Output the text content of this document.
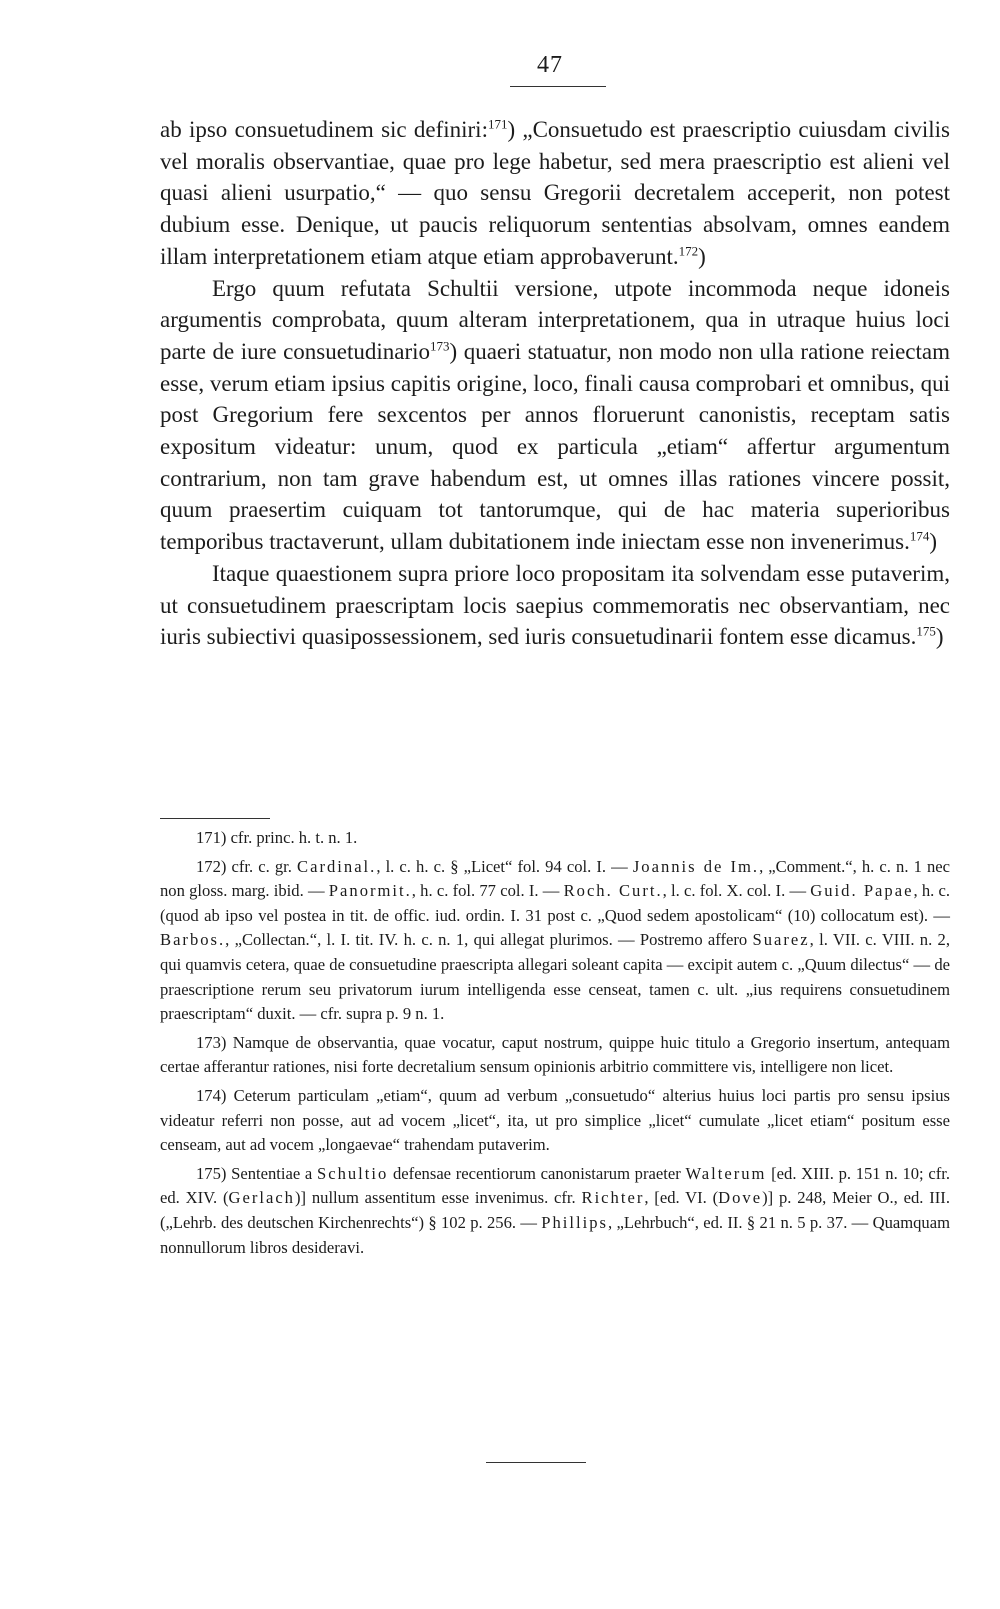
47

ab ipso consuetudinem sic definiri:$^{171}$) „Consuetudo est praescriptio cuiusdam civilis vel moralis observantiae, quae pro lege habetur, sed mera praescriptio est alieni vel quasi alieni usurpatio,“ — quo sensu Gregorii decretalem acceperit, non potest dubium esse. Denique, ut paucis reliquorum sententias absolvam, omnes eandem illam interpretationem etiam atque etiam approbaverunt.$^{172}$)

Ergo quum refutata Schultii versione, utpote incommoda neque idoneis argumentis comprobata, quum alteram interpretationem, qua in utraque huius loci parte de iure consuetudinario$^{173}$) quaeri statuatur, non modo non ulla ratione reiectam esse, verum etiam ipsius capitis origine, loco, finali causa comprobari et omnibus, qui post Gregorium fere sexcentos per annos floruerunt canonistis, receptam satis expositum videatur: unum, quod ex particula „etiam“ affertur argumentum contrarium, non tam grave habendum est, ut omnes illas rationes vincere possit, quum praesertim cuiquam tot tantorumque, qui de hac materia superioribus temporibus tractaverunt, ullam dubitationem inde iniectam esse non invenerimus.$^{174}$)

Itaque quaestionem supra priore loco propositam ita solvendam esse putaverim, ut consuetudinem praescriptam locis saepius commemoratis nec observantiam, nec iuris subiectivi quasipossessionem, sed iuris consuetudinarii fontem esse dicamus.$^{175}$)

171) cfr. princ. h. t. n. 1.

172) cfr. c. gr. Cardinal., l. c. h. c. § „Licet“ fol. 94 col. I. — Joannis de Im., „Comment.“, h. c. n. 1 nec non gloss. marg. ibid. — Panormit., h. c. fol. 77 col. I. — Roch. Curt., l. c. fol. X. col. I. — Guid. Papae, h. c. (quod ab ipso vel postea in tit. de offic. iud. ordin. I. 31 post c. „Quod sedem apostolicam“ (10) collocatum est). — Barbos., „Collectan.“, l. I. tit. IV. h. c. n. 1, qui allegat plurimos. — Postremo affero Suarez, l. VII. c. VIII. n. 2, qui quamvis cetera, quae de consuetudine praescripta allegari soleant capita — excipit autem c. „Quum dilectus“ — de praescriptione rerum seu privatorum iurum intelligenda esse censeat, tamen c. ult. „ius requirens consuetudinem praescriptam“ duxit. — cfr. supra p. 9 n. 1.

173) Namque de observantia, quae vocatur, caput nostrum, quippe huic titulo a Gregorio insertum, antequam certae afferantur rationes, nisi forte decretalium sensum opinionis arbitrio committere vis, intelligere non licet.

174) Ceterum particulam „etiam“, quum ad verbum „consuetudo“ alterius huius loci partis pro sensu ipsius videatur referri non posse, aut ad vocem „licet“, ita, ut pro simplice „licet“ cumulate „licet etiam“ positum esse censeam, aut ad vocem „longaevae“ trahendam putaverim.

175) Sententiae a Schultio defensae recentiorum canonistarum praeter Walterum [ed. XIII. p. 151 n. 10; cfr. ed. XIV. (Gerlach)] nullum assentitum esse invenimus. cfr. Richter, [ed. VI. (Dove)] p. 248, Meier O., ed. III. („Lehrb. des deutschen Kirchenrechts“) § 102 p. 256. — Phillips, „Lehrbuch“, ed. II. § 21 n. 5 p. 37. — Quamquam nonnullorum libros desideravi.
